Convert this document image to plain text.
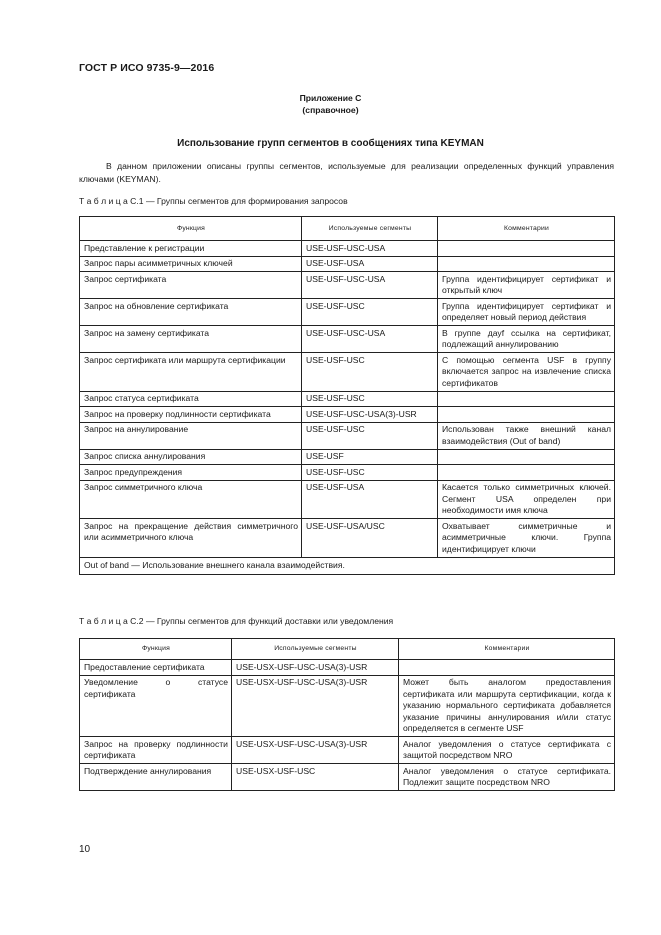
ГОСТ Р ИСО 9735-9—2016
Приложение C
(справочное)
Использование групп сегментов в сообщениях типа KEYMAN

В данном приложении описаны группы сегментов, используемые для реализации определенных функций управления ключами (KEYMAN).

Т а б л и ц а С.1 — Группы сегментов для формирования запросов

Функция	Используемые сегменты	Комментарии
Представление к регистрации	USE-USF-USC-USA	
Запрос пары асимметричных ключей	USE-USF-USA	
Запрос сертификата	USE-USF-USC-USA	Группа идентифицирует сертификат и открытый ключ
Запрос на обновление сертификата	USE-USF-USC	Группа идентифицирует сертификат и определяет новый период действия
Запрос на замену сертификата	USE-USF-USC-USA	В группе дауf ссылка на сертификат, подлежащий аннулированию
Запрос сертификата или маршрута сертификации	USE-USF-USC	С помощью сегмента USF в группу включается запрос на извлечение списка сертификатов
Запрос статуса сертификата	USE-USF-USC	
Запрос на проверку подлинности сертификата	USE-USF-USC-USA(3)-USR	
Запрос на аннулирование	USE-USF-USC	Использован также внешний канал взаимодействия (Out of band)
Запрос списка аннулирования	USE-USF	
Запрос предупреждения	USE-USF-USC	
Запрос симметричного ключа	USE-USF-USA	Касается только симметричных ключей. Сегмент USA определен при необходимости имя ключа
Запрос на прекращение действия симметричного или асимметричного ключа	USE-USF-USA/USC	Охватывает симметричные и асимметричные ключи. Группа идентифицирует ключи
Out of band — Использование внешнего канала взаимодействия.		

Т а б л и ц а С.2 — Группы сегментов для функций доставки или уведомления

Функция	Используемые сегменты	Комментарии
Предоставление сертификата	USE-USX-USF-USC-USA(3)-USR	
Уведомление о статусе сертификата	USE-USX-USF-USC-USA(3)-USR	Может быть аналогом предоставления сертификата или маршрута сертификации, когда к указанию нормального сертификата добавляется указание причины аннулирования и/или статус определяется в сегменте USF
Запрос на проверку подлинности сертификата	USE-USX-USF-USC-USA(3)-USR	Аналог уведомления о статусе сертификата с защитой посредством NRO
Подтверждение аннулирования	USE-USX-USF-USC	Аналог уведомления о статусе сертификата. Подлежит защите посредством NRO
10
